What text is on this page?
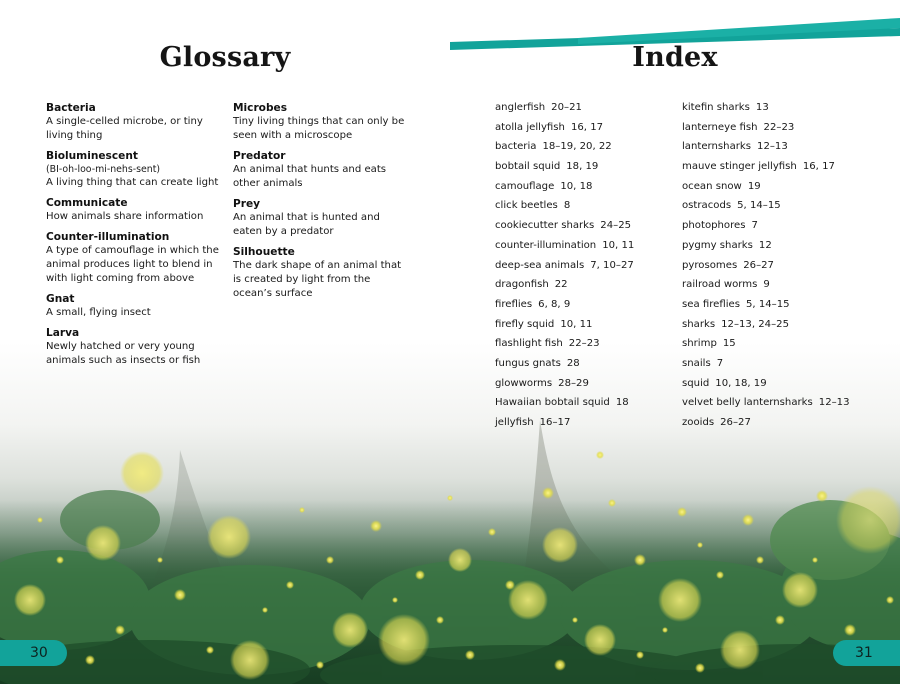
Glossary	Index
Bacteria
A single-celled microbe, or tiny living thing
Bioluminescent
(BI-oh-loo-mi-nehs-sent)
A living thing that can create light
Communicate
How animals share information
Counter-illumination
A type of camouflage in which the animal produces light to blend in with light coming from above
Gnat
A small, flying insect
Larva
Newly hatched or very young animals such as insects or fish
Microbes
Tiny living things that can only be seen with a microscope
Predator
An animal that hunts and eats other animals
Prey
An animal that is hunted and eaten by a predator
Silhouette
The dark shape of an animal that is created by light from the ocean’s surface
anglerfish 20–21
atolla jellyfish 16, 17
bacteria 18–19, 20, 22
bobtail squid 18, 19
camouflage 10, 18
click beetles 8
cookiecutter sharks 24–25
counter-illumination 10, 11
deep-sea animals 7, 10–27
dragonfish 22
fireflies 6, 8, 9
firefly squid 10, 11
flashlight fish 22–23
fungus gnats 28
glowworms 28–29
Hawaiian bobtail squid 18
jellyfish 16–17
kitefin sharks 13
lanterneye fish 22–23
lanternsharks 12–13
mauve stinger jellyfish 16, 17
ocean snow 19
ostracods 5, 14–15
photophores 7
pygmy sharks 12
pyrosomes 26–27
railroad worms 9
sea fireflies 5, 14–15
sharks 12–13, 24–25
shrimp 15
snails 7
squid 10, 18, 19
velvet belly lanternsharks 12–13
zooids 26–27
30	31
